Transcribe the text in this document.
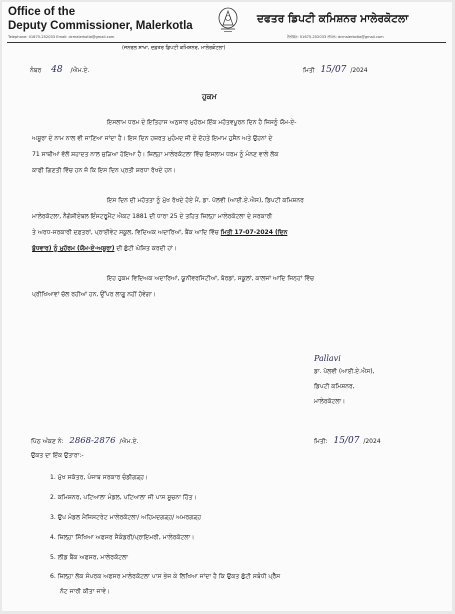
Office of the
Deputy Commissioner, Malerkotla
Telephone: 01675-252033 Email: dcmalerkotla@gmail.com
ਦਫਤਰ ਡਿਪਟੀ ਕਮਿਸ਼ਨਰ ਮਾਲੇਰਕੋਟਲਾ
ਟੈਲੀਫੋਨ: 01675-252033 ਈਮੇਲ: dcmalerkotla@gmail.com
(ਜਨਰਲ ਸ਼ਾਖਾ, ਦਫ਼ਤਰ ਡਿਪਟੀ ਕਮਿਸ਼ਨਰ, ਮਾਲੇਰਕੋਟਲਾ)
ਨੰਬਰ 48 /ਐਮ.ਏ.	ਮਿਤੀ 15/07 /2024
ਹੁਕਮ
ਇਸਲਾਮ ਧਰਮ ਦੇ ਇਤਿਹਾਸ ਅਨੁਸਾਰ ਮੁਹੱਰਮ ਇੱਕ ਮਹੱਤਵਪੂਰਨ ਦਿਨ ਹੈ ਜਿਸਨੂੰ ਯੌਮ-ਏ-
ਅਸ਼ੂਰਾ ਦੇ ਨਾਮ ਨਾਲ ਵੀ ਜਾਣਿਆ ਜਾਂਦਾ ਹੈ। ਇਸ ਦਿਨ ਹਜ਼ਰਤ ਮੁਹੰਮਦ ਜੀ ਦੇ ਦੋਹਤੇ ਇਮਾਮ ਹੁਸੈਨ ਅਤੇ ਉਹਨਾਂ ਦੇ
71 ਸਾਥੀਆਂ ਵੱਲੋਂ ਸ਼ਹਾਦਤ ਨਾਲ ਜੁੜਿਆ ਹੋਇਆ ਹੈ। ਜ਼ਿਲ੍ਹਾ ਮਾਲੇਰਕੋਟਲਾ ਵਿੱਚ ਇਸਲਾਮ ਧਰਮ ਨੂੰ ਮੰਨਣ ਵਾਲੇ ਲੋਕ
ਕਾਫੀ ਗਿਣਤੀ ਵਿੱਚ ਹਨ ਜੋ ਕਿ ਇਸ ਦਿਨ ਪ੍ਰਤੀ ਸ਼ਰਧਾ ਰੱਖਦੇ ਹਨ।
ਇਸ ਦਿਨ ਦੀ ਮਹੱਤਤਾ ਨੂੰ ਮੁੱਖ ਰੱਖਦੇ ਹੋਏ ਮੈਂ, ਡਾ. ਪੱਲਵੀ (ਆਈ.ਏ.ਐਸ), ਡਿਪਟੀ ਕਮਿਸ਼ਨਰ
ਮਾਲੇਰਕੋਟਲਾ, ਨੈਗੋਸ਼ੀਏਬਲ ਇੰਸਟਰੂਮੈਂਟ ਐਕਟ 1881 ਦੀ ਧਾਰਾ 25 ਦੇ ਤਹਿਤ ਜ਼ਿਲ੍ਹਾ ਮਾਲੇਰਕੋਟਲਾ ਦੇ ਸਰਕਾਰੀ
ਤੇ ਅਰਧ-ਸਰਕਾਰੀ ਦਫ਼ਤਰਾਂ, ਪ੍ਰਾਈਵੇਟ ਸਕੂਲ, ਵਿਦਿਅਕ ਅਦਾਰਿਆਂ, ਬੈਂਕ ਆਦਿ ਵਿੱਚ ਮਿਤੀ 17-07-2024 (ਦਿਨ
ਬੁੱਧਵਾਰ) ਨੂੰ ਮੁਹੱਰਮ (ਯੌਮ-ਏ-ਅਸ਼ੂਰਾ) ਦੀ ਛੁੱਟੀ ਘੋਸ਼ਿਤ ਕਰਦੀ ਹਾਂ।
ਇਹ ਹੁਕਮ ਵਿਦਿਅਕ ਅਦਾਰਿਆਂ, ਯੂਨੀਵਰਸਿਟੀਆਂ, ਬੋਰਡਾਂ, ਸਕੂਲਾਂ, ਕਾਲਜਾਂ ਆਦਿ ਜਿਨ੍ਹਾਂ ਵਿੱਚ
ਪ੍ਰੀਖਿਆਵਾਂ ਚੱਲ ਰਹੀਆਂ ਹਨ, ਉੱਪਰ ਲਾਗੂ ਨਹੀਂ ਹੋਵੇਗਾ।
Pallavi
ਡਾ. ਪੱਲਵੀ (ਆਈ.ਏ.ਐਸ),
ਡਿਪਟੀ ਕਮਿਸ਼ਨਰ,
ਮਾਲੇਰਕੋਟਲਾ।
ਪਿੱਠ ਅੰਕਣ ਨੰ: 2868-2876 /ਐਮ.ਏ.	ਮਿਤੀ: 15/07 /2024
ਉਕਤ ਦਾ ਇੱਕ ਉਤਾਰਾ:-
1. ਮੁੱਖ ਸਕੱਤਰ, ਪੰਜਾਬ ਸਰਕਾਰ ਚੰਡੀਗੜ੍ਹ।
2. ਕਮਿਸ਼ਨਰ, ਪਟਿਆਲਾ ਮੰਡਲ, ਪਟਿਆਲਾ ਜੀ ਪਾਸ ਸੂਚਨਾ ਹਿੱਤ।
3. ਉਪ ਮੰਡਲ ਮੈਜਿਸਟਰੇਟ ਮਾਲੇਰਕੋਟਲਾ/ ਅਹਿਮਦਗੜ੍ਹ/ ਅਮਰਗੜ੍ਹ
4. ਜ਼ਿਲ੍ਹਾ ਸਿੱਖਿਆ ਅਫਸਰ ਸੈਕੰਡਰੀ/ਪ੍ਰਾਇਮਰੀ, ਮਾਲੇਰਕੋਟਲਾ।
5. ਲੀਡ ਬੈਂਕ ਅਫਸਰ, ਮਾਲੇਰਕੋਟਲਾ
6. ਜ਼ਿਲ੍ਹਾ ਲੋਕ ਸੰਪਰਕ ਅਫਸਰ ਮਾਲੇਰਕੋਟਲਾ ਪਾਸ ਭੇਜ ਕੇ ਲਿਖਿਆ ਜਾਂਦਾ ਹੈ ਕਿ ਉਕਤ ਛੁੱਟੀ ਸਬੰਧੀ ਪ੍ਰੈੱਸ
ਨੋਟ ਜਾਰੀ ਕੀਤਾ ਜਾਵੇ।
